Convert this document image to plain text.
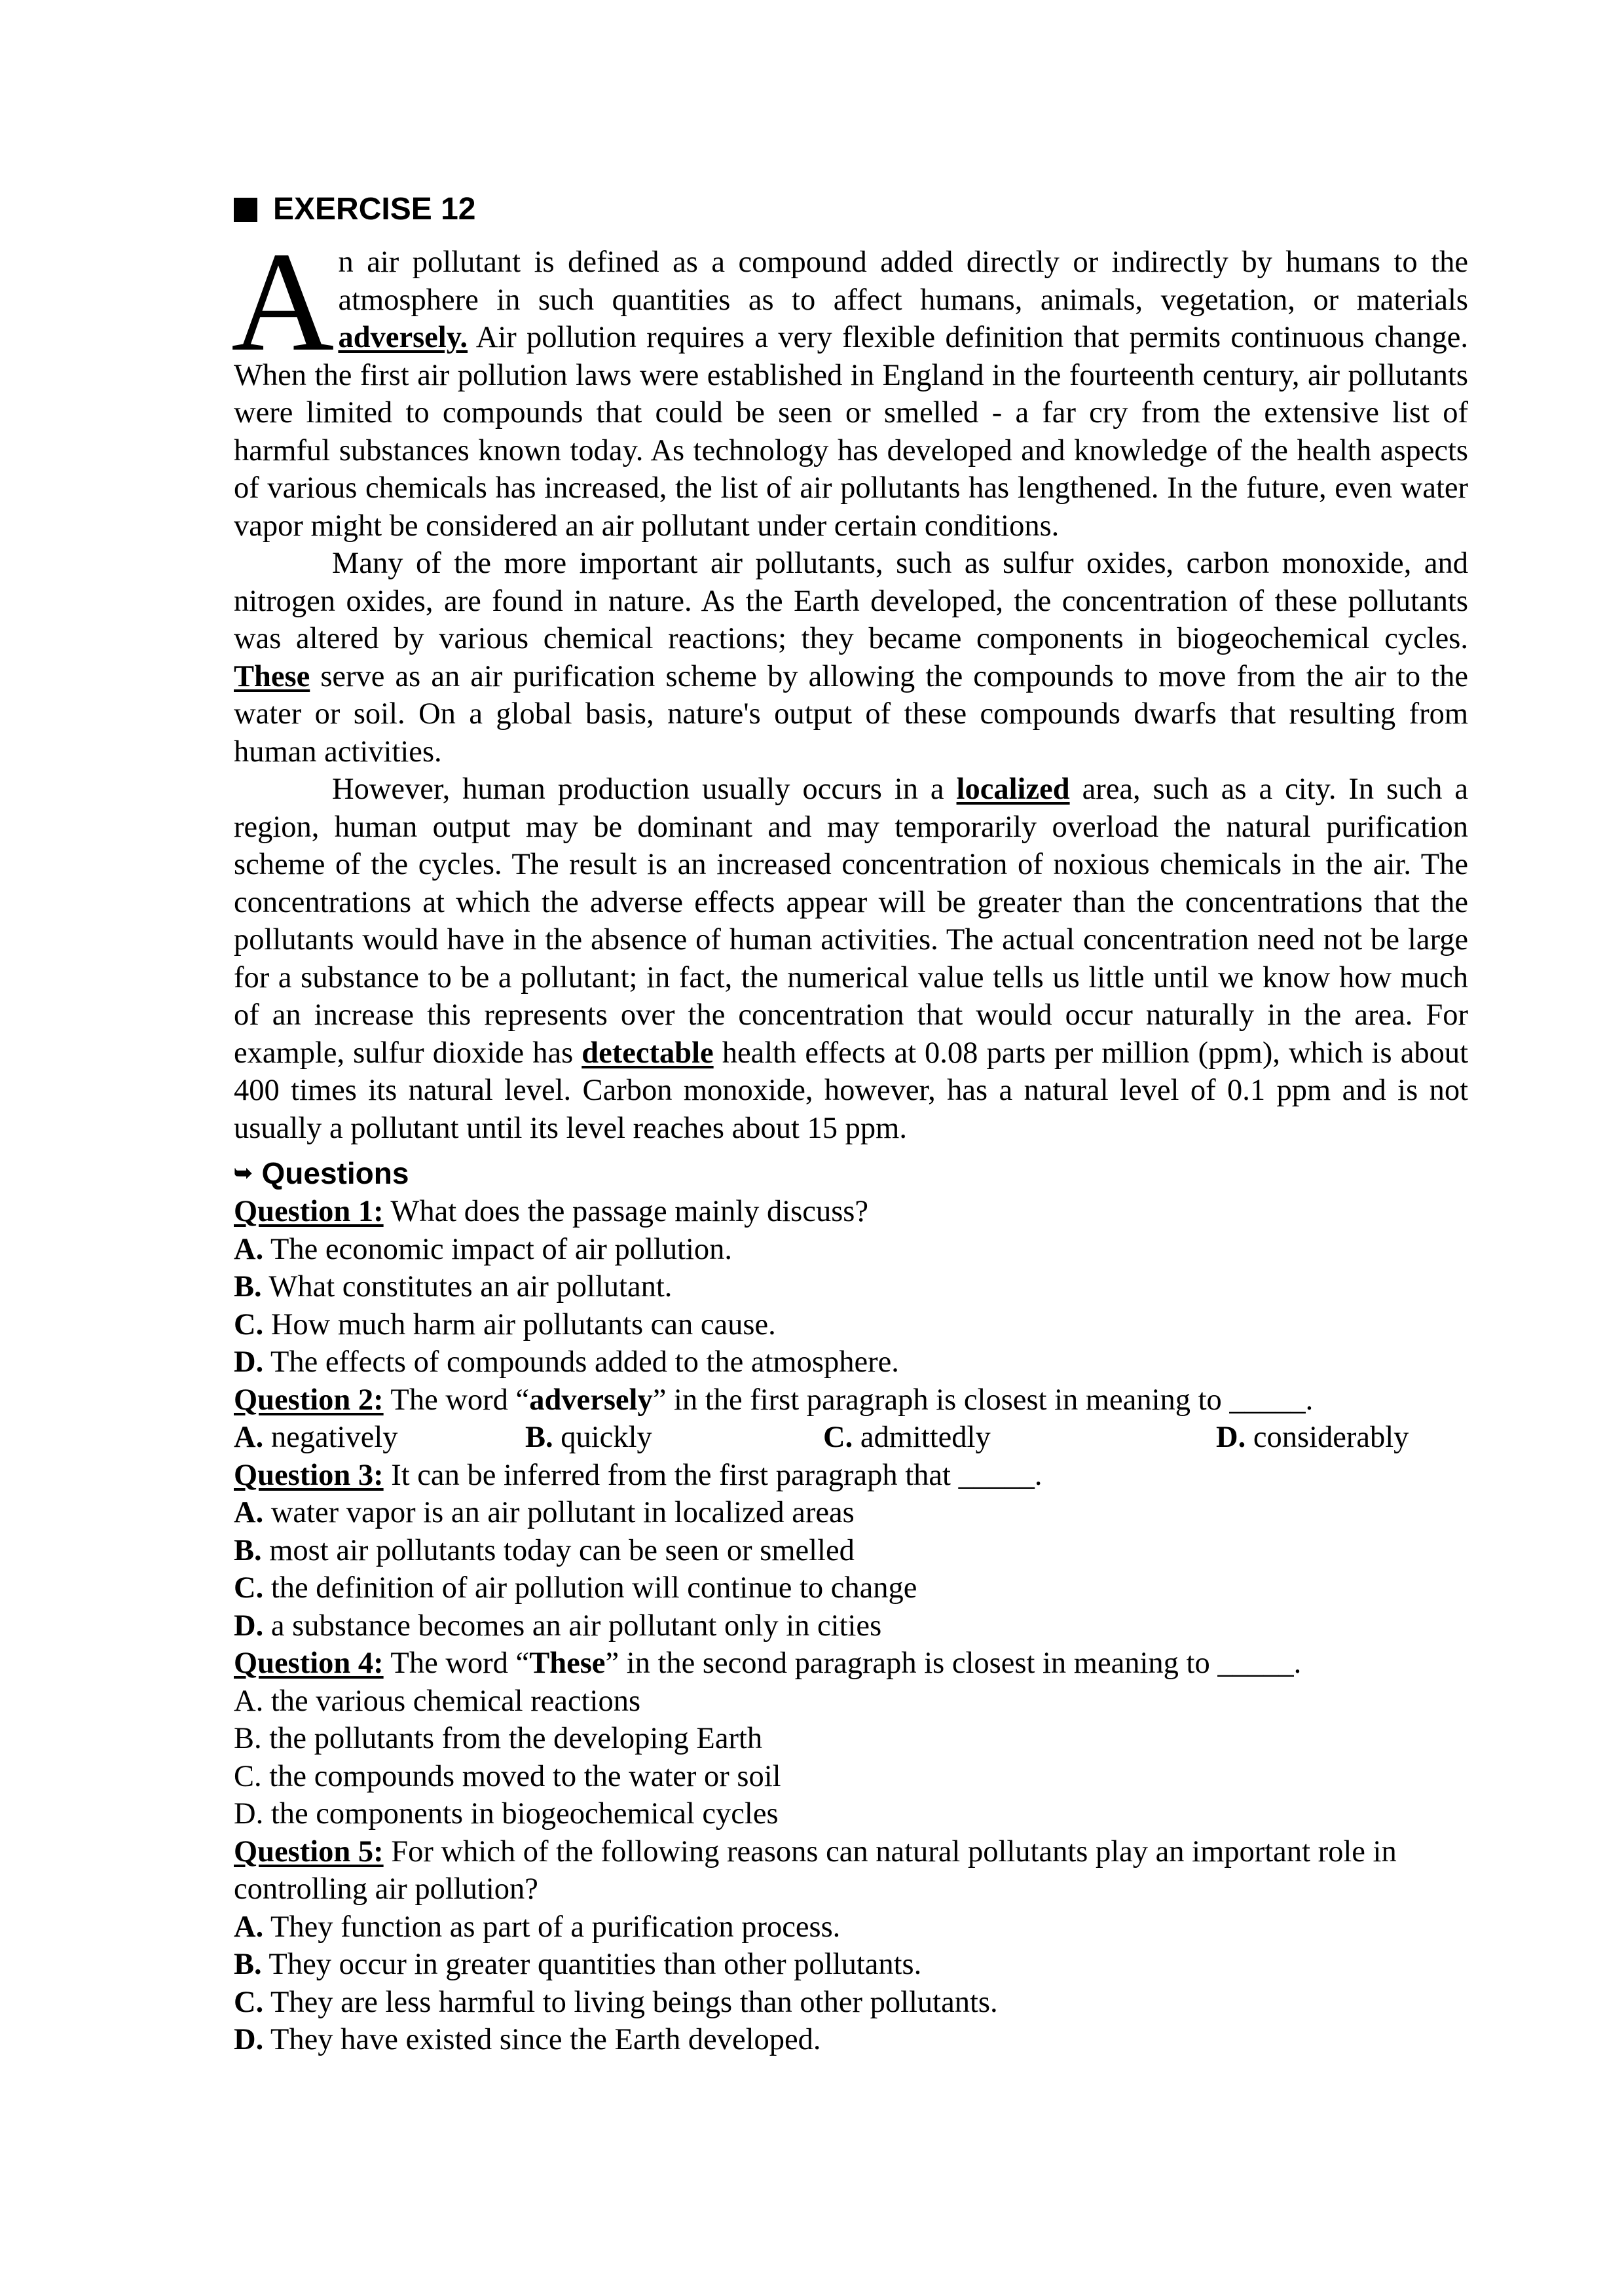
EXERCISE 12

An air pollutant is defined as a compound added directly or indirectly by humans to the atmosphere in such quantities as to affect humans, animals, vegetation, or materials adversely. Air pollution requires a very flexible definition that permits continuous change. When the first air pollution laws were established in England in the fourteenth century, air pollutants were limited to compounds that could be seen or smelled - a far cry from the extensive list of harmful substances known today. As technology has developed and knowledge of the health aspects of various chemicals has increased, the list of air pollutants has lengthened. In the future, even water vapor might be considered an air pollutant under certain conditions.

Many of the more important air pollutants, such as sulfur oxides, carbon monoxide, and nitrogen oxides, are found in nature. As the Earth developed, the concentration of these pollutants was altered by various chemical reactions; they became components in biogeochemical cycles. These serve as an air purification scheme by allowing the compounds to move from the air to the water or soil. On a global basis, nature's output of these compounds dwarfs that resulting from human activities.

However, human production usually occurs in a localized area, such as a city. In such a region, human output may be dominant and may temporarily overload the natural purification scheme of the cycles. The result is an increased concentration of noxious chemicals in the air. The concentrations at which the adverse effects appear will be greater than the concentrations that the pollutants would have in the absence of human activities. The actual concentration need not be large for a substance to be a pollutant; in fact, the numerical value tells us little until we know how much of an increase this represents over the concentration that would occur naturally in the area. For example, sulfur dioxide has detectable health effects at 0.08 parts per million (ppm), which is about 400 times its natural level. Carbon monoxide, however, has a natural level of 0.1 ppm and is not usually a pollutant until its level reaches about 15 ppm.

➥ Questions

Question 1: What does the passage mainly discuss?

A. The economic impact of air pollution.

B. What constitutes an air pollutant.

C. How much harm air pollutants can cause.

D. The effects of compounds added to the atmosphere.

Question 2: The word “adversely” in the first paragraph is closest in meaning to _____.

A. negatively	B. quickly	C. admittedly	D. considerably

Question 3: It can be inferred from the first paragraph that _____.

A. water vapor is an air pollutant in localized areas

B. most air pollutants today can be seen or smelled

C. the definition of air pollution will continue to change

D. a substance becomes an air pollutant only in cities

Question 4: The word “These” in the second paragraph is closest in meaning to _____.

A. the various chemical reactions

B. the pollutants from the developing Earth

C. the compounds moved to the water or soil

D. the components in biogeochemical cycles

Question 5: For which of the following reasons can natural pollutants play an important role in controlling air pollution?

A. They function as part of a purification process.

B. They occur in greater quantities than other pollutants.

C. They are less harmful to living beings than other pollutants.

D. They have existed since the Earth developed.
